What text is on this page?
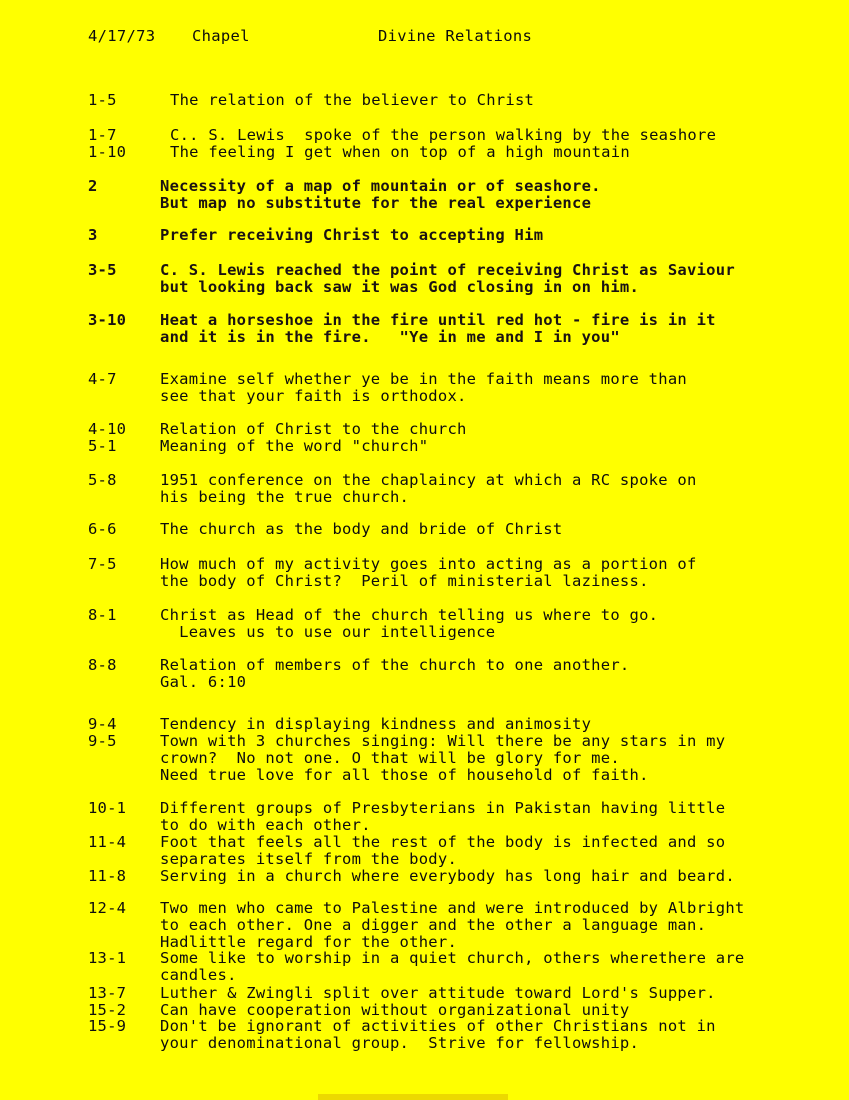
4/17/73 Chapel	Divine Relations
1-5	The relation of the believer to Christ
1-7	C.. S. Lewis  spoke of the person walking by the seashore
1-10	The feeling I get when on top of a high mountain
2	Necessity of a map of mountain or of seashore.
But map no substitute for the real experience
3	Prefer receiving Christ to accepting Him
3-5	C. S. Lewis reached the point of receiving Christ as Saviour
but looking back saw it was God closing in on him.
3-10 Heat a horseshoe in the fire until red hot - fire is in it
and it is in the fire.   "Ye in me and I in you"
4-7	Examine self whether ye be in the faith means more than
see that your faith is orthodox.
4-10 Relation of Christ to the church
5-1	Meaning of the word "church"
5-8	1951 conference on the chaplaincy at which a RC spoke on
his being the true church.
6-6	The church as the body and bride of Christ
7-5	How much of my activity goes into acting as a portion of
the body of Christ?  Peril of ministerial laziness.
8-1	Christ as Head of the church telling us where to go.
Leaves us to use our intelligence
8-8	Relation of members of the church to one another.
Gal. 6:10
9-4	Tendency in displaying kindness and animosity
9-5	Town with 3 churches singing: Will there be any stars in my
crown?  No not one. O that will be glory for me.
Need true love for all those of household of faith.
10-1 Different groups of Presbyterians in Pakistan having little
to do with each other.
11-4 Foot that feels all the rest of the body is infected and so
separates itself from the body.
11-8 Serving in a church where everybody has long hair and beard.
12-4 Two men who came to Palestine and were introduced by Albright
to each other. One a digger and the other a language man.
Hadlittle regard for the other.
13-1 Some like to worship in a quiet church, others wherethere are
candles.
13-7 Luther & Zwingli split over attitude toward Lord's Supper.
15-2 Can have cooperation without organizational unity
15-9 Don't be ignorant of activities of other Christians not in
your denominational group.  Strive for fellowship.
